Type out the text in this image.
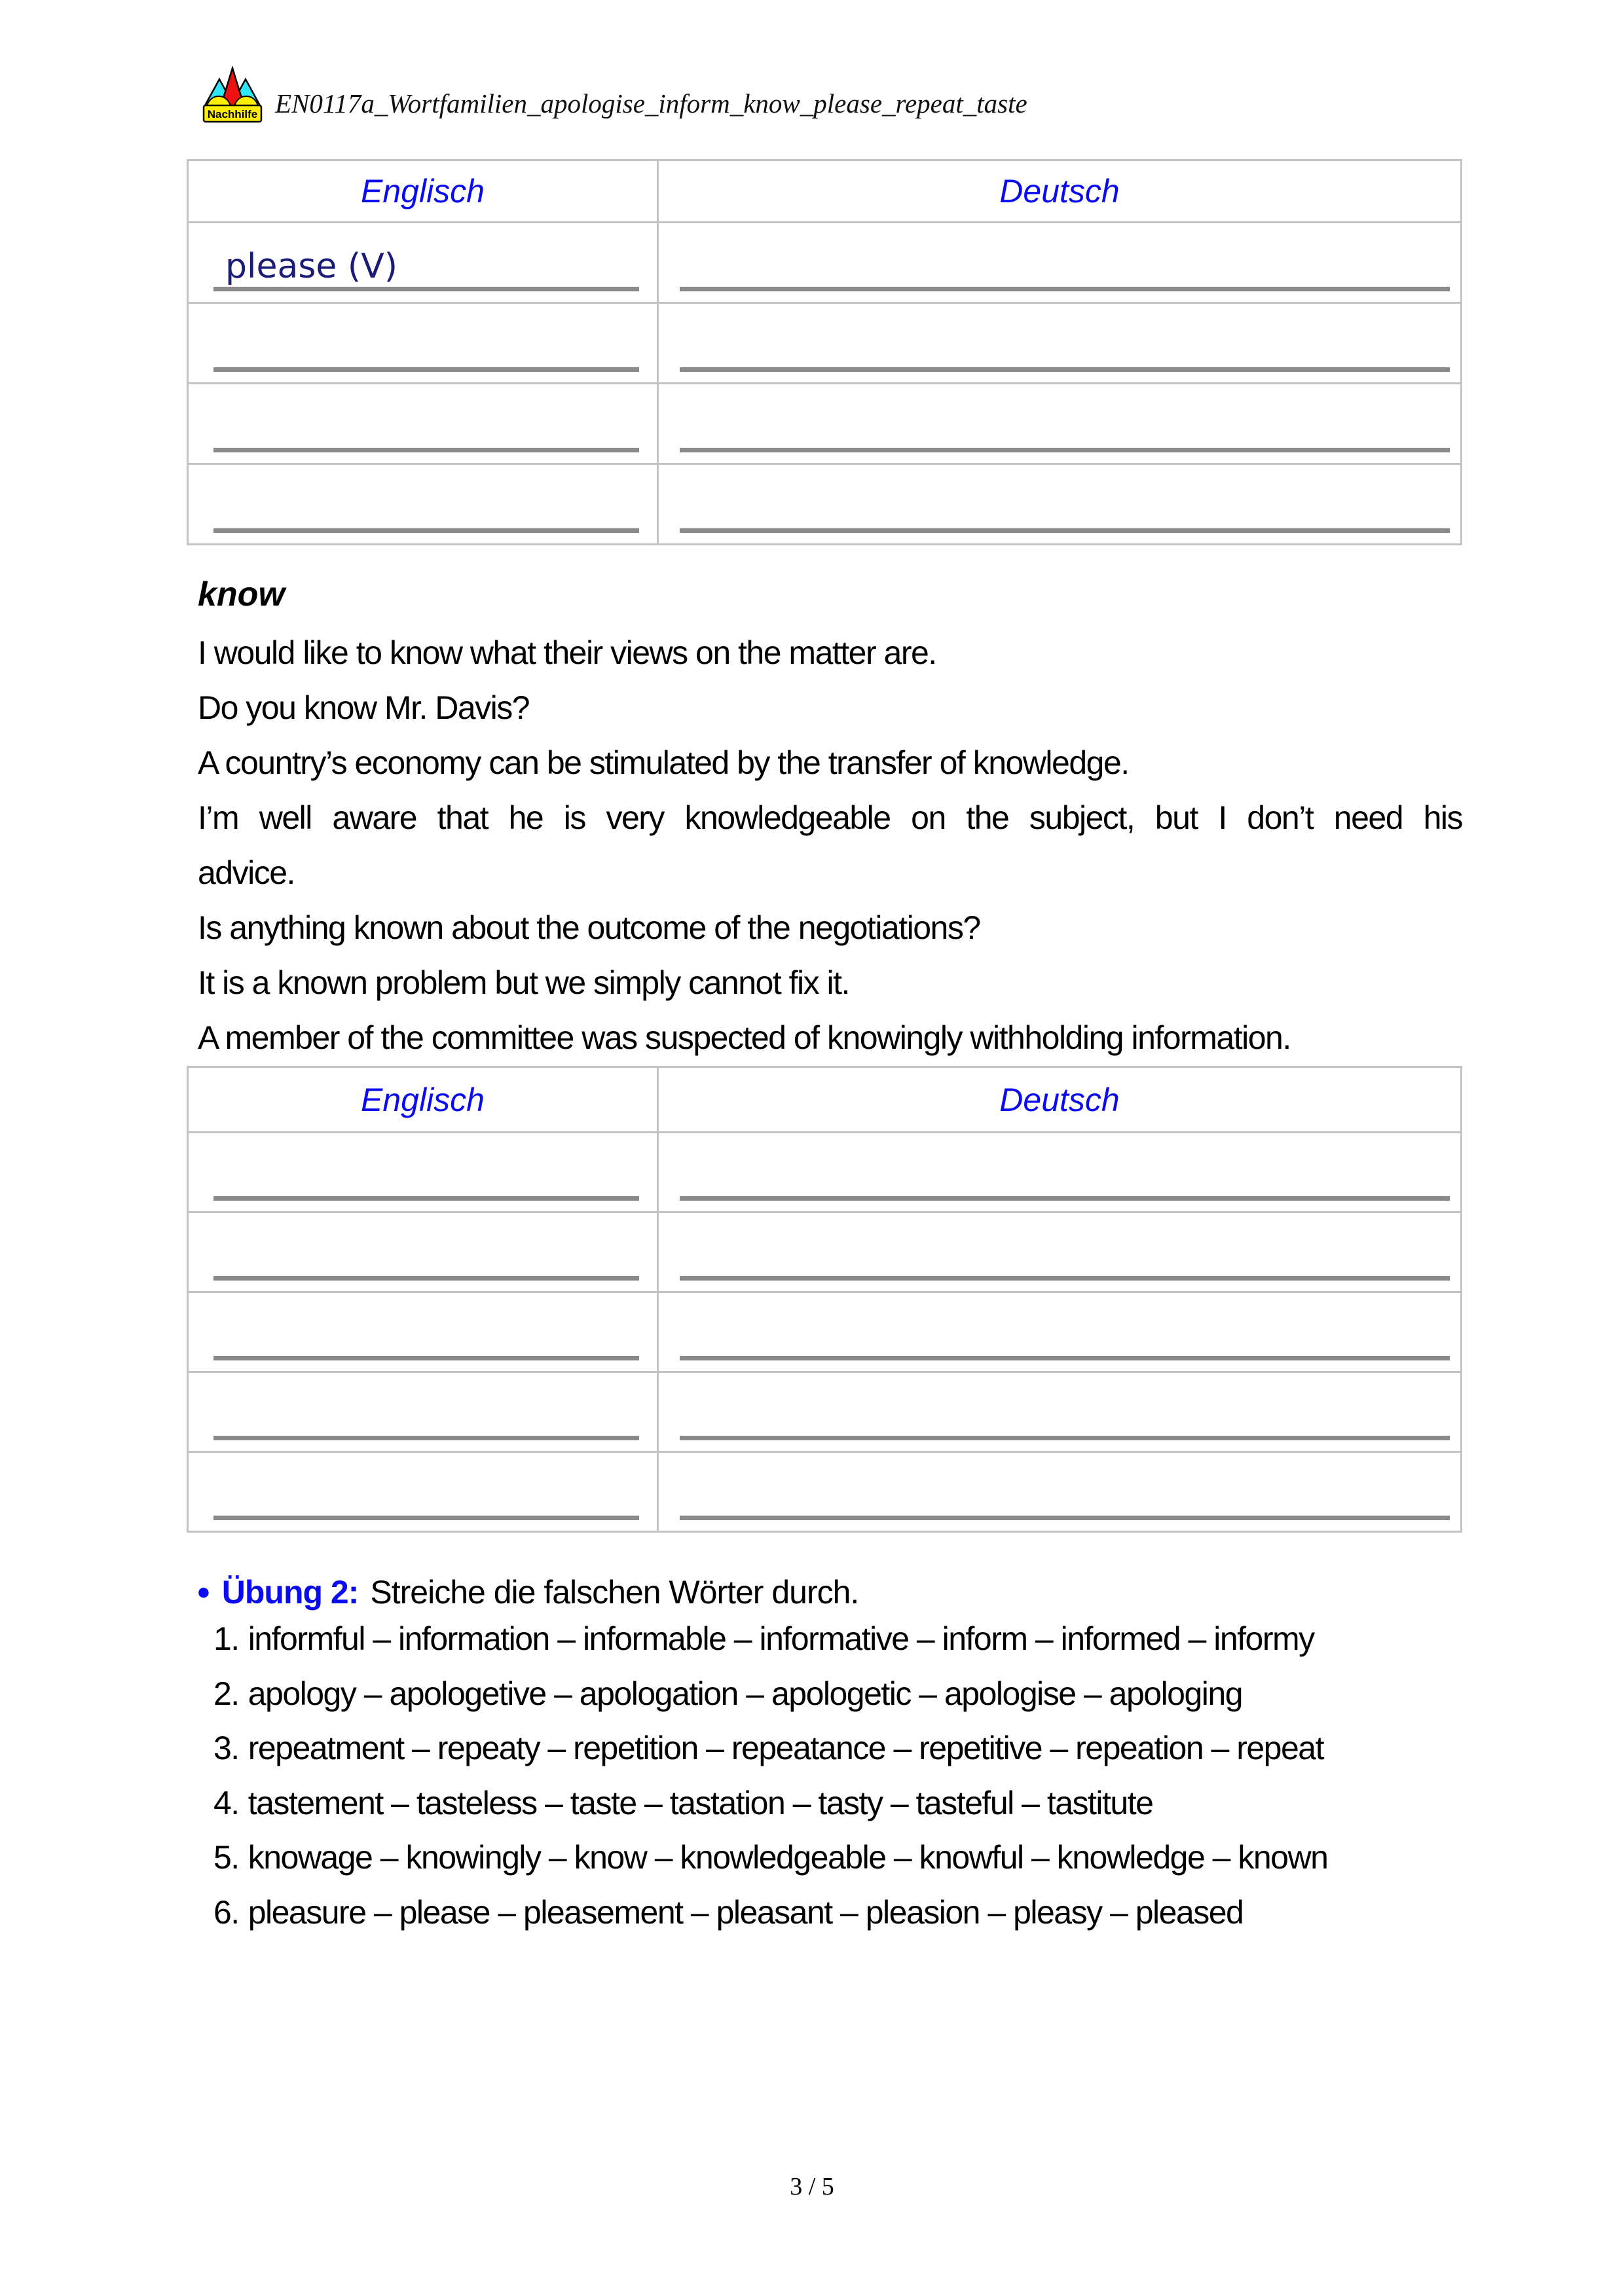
Nachhilfe EN0117a_Wortfamilien_apologise_inform_know_please_repeat_taste
Englisch	Deutsch
please (V)
know
I would like to know what their views on the matter are.
Do you know Mr. Davis?
A country’s economy can be stimulated by the transfer of knowledge.
I’m well aware that he is very knowledgeable on the subject, but I don’t need his
advice.
Is anything known about the outcome of the negotiations?
It is a known problem but we simply cannot fix it.
A member of the committee was suspected of knowingly withholding information.
Englisch	Deutsch
● Übung 2: Streiche die falschen Wörter durch.
1. informful – information – informable – informative – inform – informed – informy
2. apology – apologetive – apologation – apologetic – apologise – apologing
3. repeatment – repeaty – repetition – repeatance – repetitive – repeation – repeat
4. tastement – tasteless – taste – tastation – tasty – tasteful – tastitute
5. knowage – knowingly – know – knowledgeable – knowful – knowledge – known
6. pleasure – please – pleasement – pleasant – pleasion – pleasy – pleased
3 / 5
